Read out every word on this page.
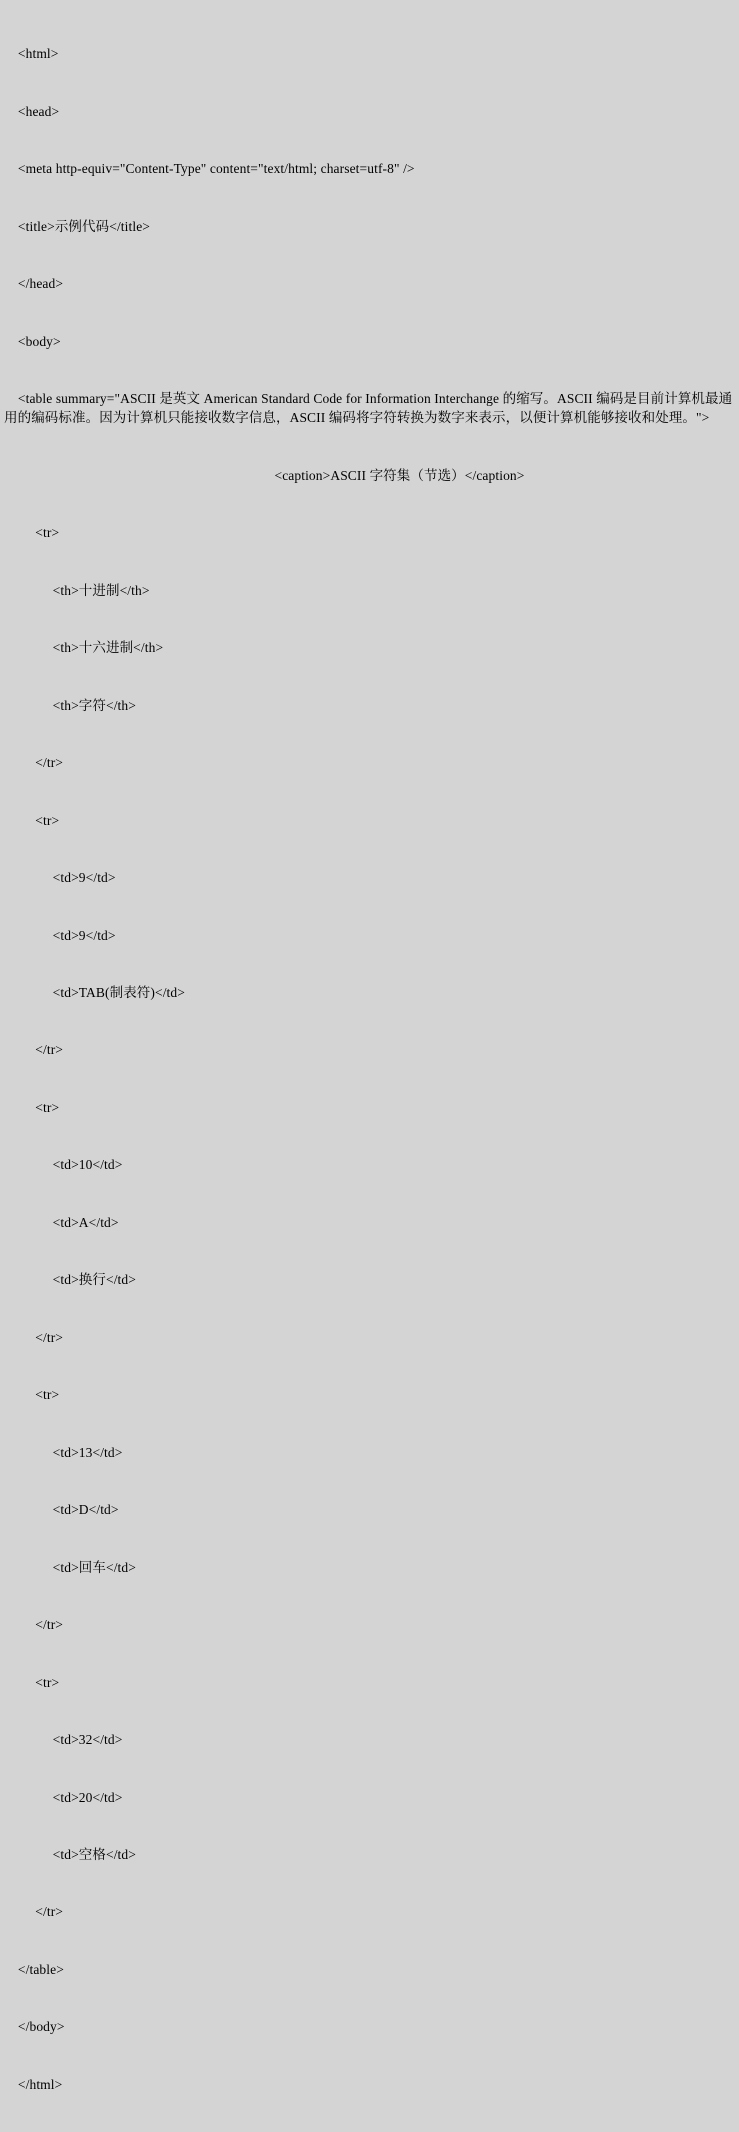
<html>

<head>

<meta http-equiv="Content-Type" content="text/html; charset=utf-8" />

<title>示例代码</title>

</head>

<body>

<table summary="ASCII 是英文 American Standard Code for Information Interchange 的缩写。ASCII 编码是目前计算机最通用的编码标准。因为计算机只能接收数字信息，ASCII 编码将字符转换为数字来表示，以便计算机能够接收和处理。">

<caption>ASCII 字符集（节选）</caption>

<tr>

<th>十进制</th>

<th>十六进制</th>

<th>字符</th>

</tr>

<tr>

<td>9</td>

<td>9</td>

<td>TAB(制表符)</td>

</tr>

<tr>

<td>10</td>

<td>A</td>

<td>换行</td>

</tr>

<tr>

<td>13</td>

<td>D</td>

<td>回车</td>

</tr>

<tr>

<td>32</td>

<td>20</td>

<td>空格</td>

</tr>

</table>

</body>

</html>
